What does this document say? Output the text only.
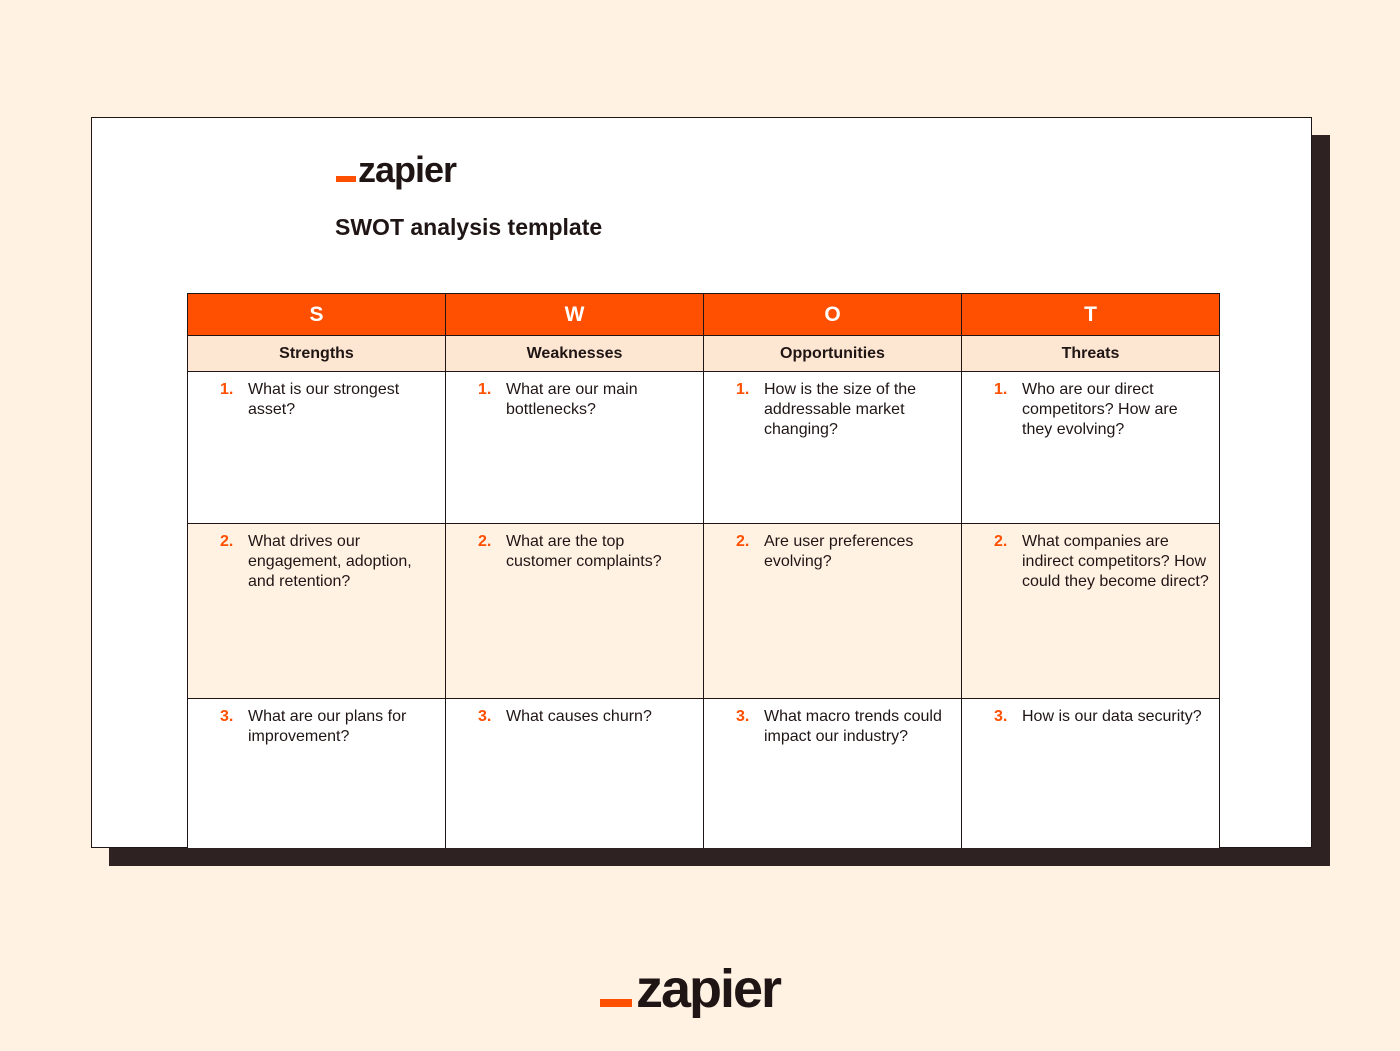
zapier
SWOT analysis template
S	W	O	T
Strengths	Weaknesses	Opportunities	Threats

1. What is our strongest asset?	1. What are our main bottlenecks?	1. How is the size of the addressable market changing?	1. Who are our direct competitors? How are they evolving?

2. What drives our engagement, adoption, and retention?	2. What are the top customer complaints?	2. Are user preferences evolving?	2. What companies are indirect competitors? How could they become direct?

3. What are our plans for improvement?	3. What causes churn?	3. What macro trends could impact our industry?	3. How is our data security?
zapier
